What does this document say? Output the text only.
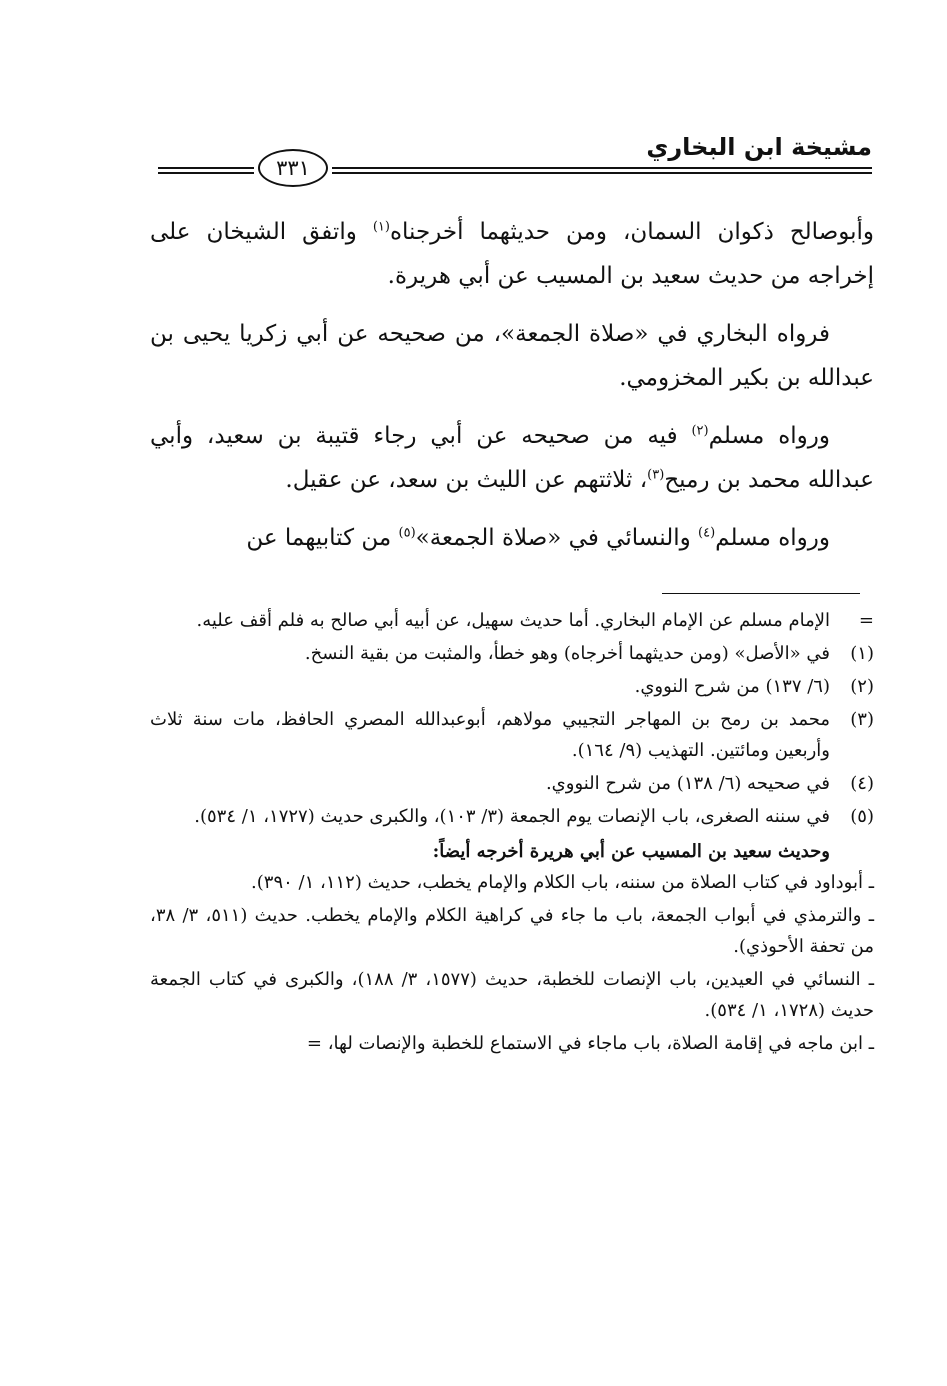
مشيخة ابن البخاري
٣٣١

وأبوصالح ذكوان السمان، ومن حديثهما أخرجناه$^{(١)}$ واتفق الشيخان على إخراجه من حديث سعيد بن المسيب عن أبي هريرة.

فرواه البخاري في «صلاة الجمعة»، من صحيحه عن أبي زكريا يحيى بن عبدالله بن بكير المخزومي.

ورواه مسلم$^{(٢)}$ فيه من صحيحه عن أبي رجاء قتيبة بن سعيد، وأبي عبدالله محمد بن رميح$^{(٣)}$، ثلاثتهم عن الليث بن سعد، عن عقيل.

ورواه مسلم$^{(٤)}$ والنسائي في «صلاة الجمعة»$^{(٥)}$ من كتابيهما عن

=
الإمام مسلم عن الإمام البخاري. أما حديث سهيل، عن أبيه أبي صالح به فلم أقف عليه.
(١)
في «الأصل» (ومن حديثهما أخرجاه) وهو خطأ، والمثبت من بقية النسخ.
(٢)
(٦/ ١٣٧) من شرح النووي.
(٣)
محمد بن رمح بن المهاجر التجيبي مولاهم، أبوعبدالله المصري الحافظ، مات سنة ثلاث وأربعين ومائتين. التهذيب (٩/ ١٦٤).
(٤)
في صحيحه (٦/ ١٣٨) من شرح النووي.
(٥)
في سننه الصغرى، باب الإنصات يوم الجمعة (٣/ ١٠٣)، والكبرى حديث (١٧٢٧، ١/ ٥٣٤).
وحديث سعيد بن المسيب عن أبي هريرة أخرجه أيضاً:
ـ أبوداود في كتاب الصلاة من سننه، باب الكلام والإمام يخطب، حديث (١١٢، ١/ ٣٩٠).
ـ والترمذي في أبواب الجمعة، باب ما جاء في كراهية الكلام والإمام يخطب. حديث (٥١١، ٣/ ٣٨، من تحفة الأحوذي).
ـ النسائي في العيدين، باب الإنصات للخطبة، حديث (١٥٧٧، ٣/ ١٨٨)، والكبرى في كتاب الجمعة حديث (١٧٢٨، ١/ ٥٣٤).
ـ ابن ماجه في إقامة الصلاة، باب ماجاء في الاستماع للخطبة والإنصات لها، =
